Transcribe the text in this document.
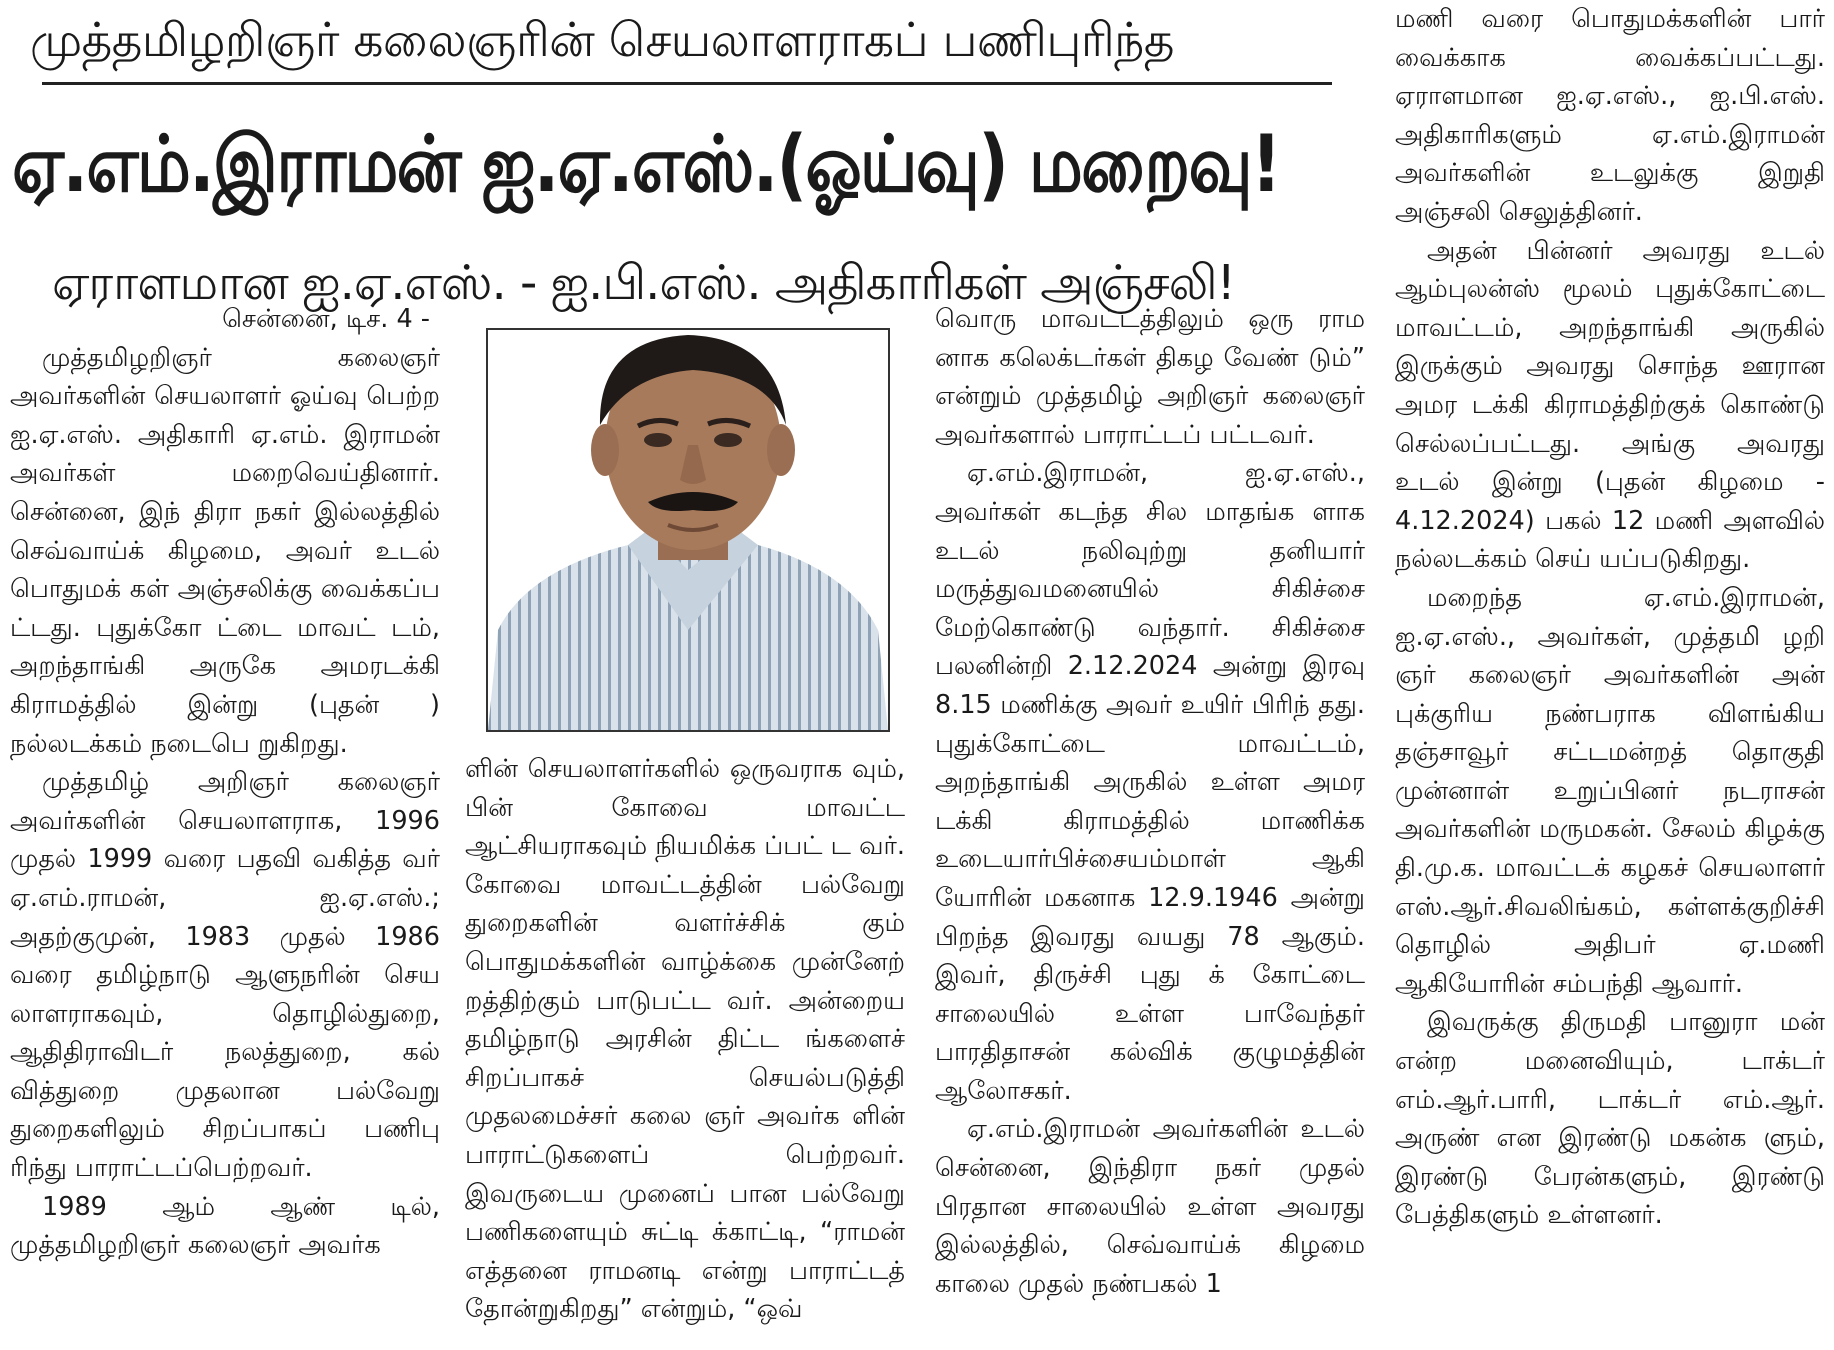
முத்தமிழறிஞர் கலைஞரின் செயலாளராகப் பணிபுரிந்த
ஏ.எம்.இராமன் ஐ.ஏ.எஸ்.(ஓய்வு) மறைவு!
ஏராளமான ஐ.ஏ.எஸ். - ஐ.பி.எஸ். அதிகாரிகள் அஞ்சலி!
சென்னை, டிச. 4 -

முத்தமிழறிஞர் கலைஞர் அவர்களின் செயலாளர் ஓய்வு பெற்ற ஐ.ஏ.எஸ். அதிகாரி ஏ.எம். இராமன் அவர்கள் மறைவெய்தினார். சென்னை, இந் திரா நகர் இல்லத்தில் செவ்வாய்க் கிழமை, அவர் உடல் பொதுமக் கள் அஞ்சலிக்கு வைக்கப்ப ட்டது. புதுக்கோ ட்டை மாவட் டம், அறந்தாங்கி அருகே அமரடக்கி கிராமத்தில் இன்று (புதன் ) நல்லடக்கம் நடைபெ றுகிறது.

முத்தமிழ் அறிஞர் கலைஞர் அவர்களின் செயலாளராக, 1996 முதல் 1999 வரை பதவி வகித்த வர் ஏ.எம்.ராமன், ஐ.ஏ.எஸ்.; அதற்குமுன், 1983 முதல் 1986 வரை தமிழ்நாடு ஆளுநரின் செய லாளராகவும், தொழில்துறை, ஆதிதிராவிடர் நலத்துறை, கல் வித்துறை முதலான பல்வேறு துறைகளிலும் சிறப்பாகப் பணிபு ரிந்து பாராட்டப்பெற்றவர்.

1989 ஆம் ஆண் டில், முத்தமிழறிஞர் கலைஞர் அவர்க

ளின் செயலாளர்களில் ஒருவராக வும், பின் கோவை மாவட்ட ஆட்சியராகவும் நியமிக்க ப்பட் ட வர். கோவை மாவட்டத்தின் பல்வேறு துறைகளின் வளர்ச்சிக் கும் பொதுமக்களின் வாழ்க்கை முன்னேற் றத்திற்கும் பாடுபட்ட வர். அன்றைய தமிழ்நாடு அரசின் திட்ட ங்களைச் சிறப்பாகச் செயல்படுத்தி முதலமைச்சர் கலை ஞர் அவர்க ளின் பாராட்டுகளைப் பெற்றவர். இவருடைய முனைப் பான பல்வேறு பணிகளையும் சுட்டி க்காட்டி, “ராமன் எத்தனை ராமனடி என்று பாராட்டத் தோன்றுகிறது” என்றும், “ஒவ்

வொரு மாவட்டத்திலும் ஒரு ராம னாக கலெக்டர்கள் திகழ வேண் டும்” என்றும் முத்தமிழ் அறிஞர் கலைஞர் அவர்களால் பாராட்டப் பட்டவர்.

ஏ.எம்.இராமன், ஐ.ஏ.எஸ்., அவர்கள் கடந்த சில மாதங்க ளாக உடல் நலிவுற்று தனியார் மருத்துவமனையில் சிகிச்சை மேற்கொண்டு வந்தார். சிகிச்சை பலனின்றி 2.12.2024 அன்று இரவு 8.15 மணிக்கு அவர் உயிர் பிரிந் தது. புதுக்கோட்டை மாவட்டம், அறந்தாங்கி அருகில் உள்ள அமர டக்கி கிராமத்தில் மாணிக்க உடையார்பிச்சையம்மாள் ஆகி யோரின் மகனாக 12.9.1946 அன்று பிறந்த இவரது வயது 78 ஆகும். இவர், திருச்சி புது க் கோட்டை சாலையில் உள்ள பாவேந்தர் பாரதிதாசன் கல்விக் குழுமத்தின் ஆலோசகர்.

ஏ.எம்.இராமன் அவர்களின் உடல் சென்னை, இந்திரா நகர் முதல் பிரதான சாலையில் உள்ள அவரது இல்லத்தில், செவ்வாய்க் கிழமை காலை முதல் நண்பகல் 1

மணி வரை பொதுமக்களின் பார் வைக்காக வைக்கப்பட்டது. ஏராளமான ஐ.ஏ.எஸ்., ஐ.பி.எஸ். அதிகாரிகளும் ஏ.எம்.இராமன் அவர்களின் உடலுக்கு இறுதி அஞ்சலி செலுத்தினர்.

அதன் பின்னர் அவரது உடல் ஆம்புலன்ஸ் மூலம் புதுக்கோட்டை மாவட்டம், அறந்தாங்கி அருகில் இருக்கும் அவரது சொந்த ஊரான அமர டக்கி கிராமத்திற்குக் கொண்டு செல்லப்பட்டது. அங்கு அவரது உடல் இன்று (புதன் கிழமை - 4.12.2024) பகல் 12 மணி அளவில் நல்லடக்கம் செய் யப்படுகிறது.

மறைந்த ஏ.எம்.இராமன், ஐ.ஏ.எஸ்., அவர்கள், முத்தமி ழறி ஞர் கலைஞர் அவர்களின் அன் புக்குரிய நண்பராக விளங்கிய தஞ்சாவூர் சட்டமன்றத் தொகுதி முன்னாள் உறுப்பினர் நடராசன் அவர்களின் மருமகன். சேலம் கிழக்கு தி.மு.க. மாவட்டக் கழகச் செயலாளர் எஸ்.ஆர்.சிவலிங்கம், கள்ளக்குறிச்சி தொழில் அதிபர் ஏ.மணி ஆகியோரின் சம்பந்தி ஆவார்.

இவருக்கு திருமதி பானுரா மன் என்ற மனைவியும், டாக்டர் எம்.ஆர்.பாரி, டாக்டர் எம்.ஆர். அருண் என இரண்டு மகன்க ளும், இரண்டு பேரன்களும், இரண்டு பேத்திகளும் உள்ளனர்.
